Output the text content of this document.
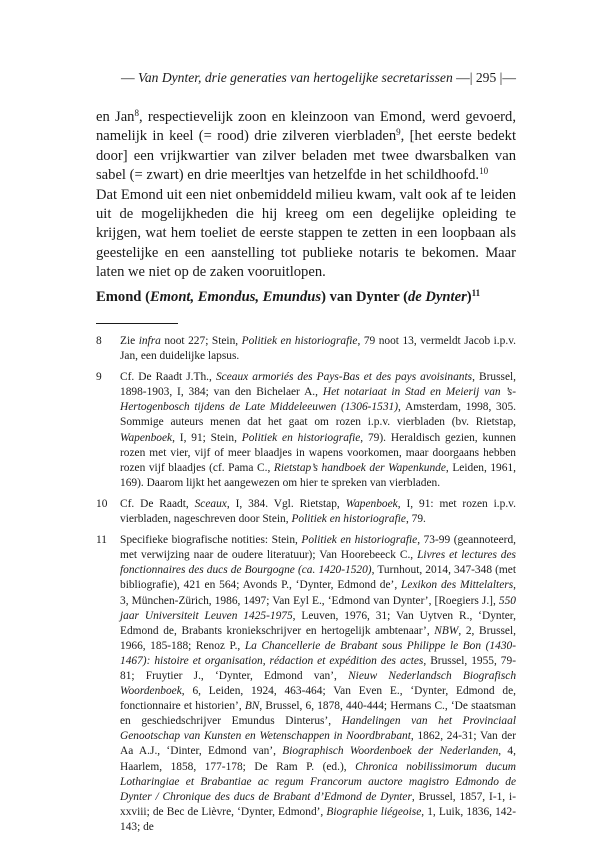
— Van Dynter, drie generaties van hertogelijke secretarissen —| 295 |—

en Jan$^8$, respectievelijk zoon en kleinzoon van Emond, werd gevoerd, namelijk in keel (= rood) drie zilveren vierbladen$^9$, [het eerste bedekt door] een vrijkwartier van zilver beladen met twee dwarsbalken van sabel (= zwart) en drie meerltjes van hetzelfde in het schildhoofd.$^{10}$

Dat Emond uit een niet onbemiddeld milieu kwam, valt ook af te leiden uit de mogelijkheden die hij kreeg om een degelijke opleiding te krijgen, wat hem toeliet de eerste stappen te zetten in een loopbaan als geestelijke en een aanstelling tot publieke notaris te bekomen. Maar laten we niet op de zaken vooruitlopen.

Emond (Emont, Emondus, Emundus) van Dynter (de Dynter)$^{11}$
8	Zie infra noot 227; Stein, Politiek en historiografie, 79 noot 13, vermeldt Jacob i.p.v. Jan, een duidelijke lapsus.
9	Cf. De Raadt J.Th., Sceaux armoriés des Pays-Bas et des pays avoisinants, Brussel, 1898-1903, I, 384; van den Bichelaer A., Het notariaat in Stad en Meierij van ’s-Hertogenbosch tijdens de Late Middeleeuwen (1306-1531), Amsterdam, 1998, 305. Sommige auteurs menen dat het gaat om rozen i.p.v. vierbladen (bv. Rietstap, Wapenboek, I, 91; Stein, Politiek en historiografie, 79). Heraldisch gezien, kunnen rozen met vier, vijf of meer blaadjes in wapens voorkomen, maar doorgaans hebben rozen vijf blaadjes (cf. Pama C., Rietstap’s handboek der Wapenkunde, Leiden, 1961, 169). Daarom lijkt het aangewezen om hier te spreken van vierbladen.
10	Cf. De Raadt, Sceaux, I, 384. Vgl. Rietstap, Wapenboek, I, 91: met rozen i.p.v. vierbladen, nageschreven door Stein, Politiek en historiografie, 79.
11	Specifieke biografische notities: Stein, Politiek en historiografie, 73-99 (geannoteerd, met verwijzing naar de oudere literatuur); Van Hoorebeeck C., Livres et lectures des fonctionnaires des ducs de Bourgogne (ca. 1420-1520), Turnhout, 2014, 347-348 (met bibliografie), 421 en 564; Avonds P., ‘Dynter, Edmond de’, Lexikon des Mittelalters, 3, München-Zürich, 1986, 1497; Van Eyl E., ‘Edmond van Dynter’, [Roegiers J.], 550 jaar Universiteit Leuven 1425-1975, Leuven, 1976, 31; Van Uytven R., ‘Dynter, Edmond de, Brabants kroniekschrijver en hertogelijk ambtenaar’, NBW, 2, Brussel, 1966, 185-188; Renoz P., La Chancellerie de Brabant sous Philippe le Bon (1430-1467): histoire et organisation, rédaction et expédition des actes, Brussel, 1955, 79-81; Fruytier J., ‘Dynter, Edmond van’, Nieuw Nederlandsch Biografisch Woordenboek, 6, Leiden, 1924, 463-464; Van Even E., ‘Dynter, Edmond de, fonctionnaire et historien’, BN, Brussel, 6, 1878, 440-444; Hermans C., ‘De staatsman en geschiedschrijver Emundus Dinterus’, Handelingen van het Provinciaal Genootschap van Kunsten en Wetenschappen in Noordbrabant, 1862, 24-31; Van der Aa A.J., ‘Dinter, Edmond van’, Biographisch Woordenboek der Nederlanden, 4, Haarlem, 1858, 177-178; De Ram P. (ed.), Chronica nobilissimorum ducum Lotharingiae et Brabantiae ac regum Francorum auctore magistro Edmondo de Dynter / Chronique des ducs de Brabant d’Edmond de Dynter, Brussel, 1857, I-1, i-xxviii; de Bec de Lièvre, ‘Dynter, Edmond’, Biographie liégeoise, 1, Luik, 1836, 142-143; de
